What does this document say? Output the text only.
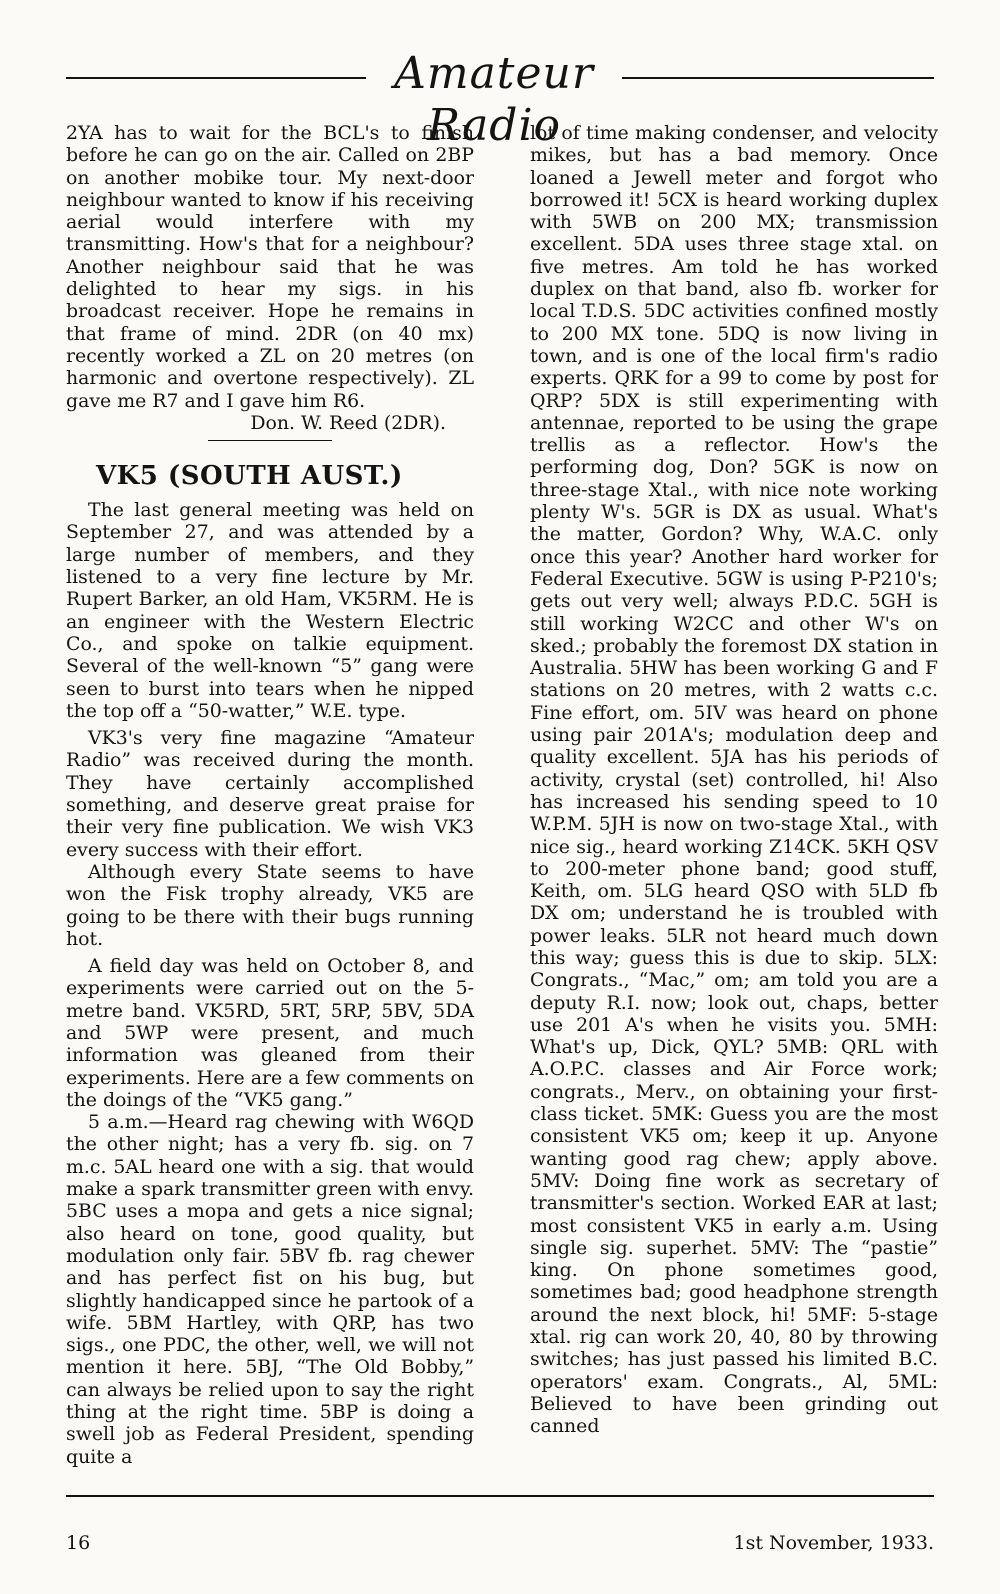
Amateur Radio

2YA has to wait for the BCL's to finish before he can go on the air. Called on 2BP on another mobike tour. My next-door neighbour wanted to know if his receiving aerial would interfere with my transmitting. How's that for a neighbour? Another neighbour said that he was delighted to hear my sigs. in his broadcast receiver. Hope he remains in that frame of mind. 2DR (on 40 mx) recently worked a ZL on 20 metres (on harmonic and overtone respectively). ZL gave me R7 and I gave him R6.

Don. W. Reed (2DR).
VK5 (SOUTH AUST.)

The last general meeting was held on September 27, and was attended by a large number of members, and they listened to a very fine lecture by Mr. Rupert Barker, an old Ham, VK5RM. He is an engineer with the Western Electric Co., and spoke on talkie equipment. Several of the well-known “5” gang were seen to burst into tears when he nipped the top off a “50-watter,” W.E. type.

VK3's very fine magazine “Amateur Radio” was received during the month. They have certainly accomplished something, and deserve great praise for their very fine publication. We wish VK3 every success with their effort.

Although every State seems to have won the Fisk trophy already, VK5 are going to be there with their bugs running hot.

A field day was held on October 8, and experiments were carried out on the 5-metre band. VK5RD, 5RT, 5RP, 5BV, 5DA and 5WP were present, and much information was gleaned from their experiments. Here are a few comments on the doings of the “VK5 gang.”

5 a.m.—Heard rag chewing with W6QD the other night; has a very fb. sig. on 7 m.c. 5AL heard one with a sig. that would make a spark transmitter green with envy. 5BC uses a mopa and gets a nice signal; also heard on tone, good quality, but modulation only fair. 5BV fb. rag chewer and has perfect fist on his bug, but slightly handicapped since he partook of a wife. 5BM Hartley, with QRP, has two sigs., one PDC, the other, well, we will not mention it here. 5BJ, “The Old Bobby,” can always be relied upon to say the right thing at the right time. 5BP is doing a swell job as Federal President, spending quite a

lot of time making condenser, and velocity mikes, but has a bad memory. Once loaned a Jewell meter and forgot who borrowed it! 5CX is heard working duplex with 5WB on 200 MX; transmission excellent. 5DA uses three stage xtal. on five metres. Am told he has worked duplex on that band, also fb. worker for local T.D.S. 5DC activities confined mostly to 200 MX tone. 5DQ is now living in town, and is one of the local firm's radio experts. QRK for a 99 to come by post for QRP? 5DX is still experimenting with antennae, reported to be using the grape trellis as a reflector. How's the performing dog, Don? 5GK is now on three-stage Xtal., with nice note working plenty W's. 5GR is DX as usual. What's the matter, Gordon? Why, W.A.C. only once this year? Another hard worker for Federal Executive. 5GW is using P-P210's; gets out very well; always P.D.C. 5GH is still working W2CC and other W's on sked.; probably the foremost DX station in Australia. 5HW has been working G and F stations on 20 metres, with 2 watts c.c. Fine effort, om. 5IV was heard on phone using pair 201A's; modulation deep and quality excellent. 5JA has his periods of activity, crystal (set) controlled, hi! Also has increased his sending speed to 10 W.P.M. 5JH is now on two-stage Xtal., with nice sig., heard working Z14CK. 5KH QSV to 200-meter phone band; good stuff, Keith, om. 5LG heard QSO with 5LD fb DX om; understand he is troubled with power leaks. 5LR not heard much down this way; guess this is due to skip. 5LX: Congrats., “Mac,” om; am told you are a deputy R.I. now; look out, chaps, better use 201 A's when he visits you. 5MH: What's up, Dick, QYL? 5MB: QRL with A.O.P.C. classes and Air Force work; congrats., Merv., on obtaining your first-class ticket. 5MK: Guess you are the most consistent VK5 om; keep it up. Anyone wanting good rag chew; apply above. 5MV: Doing fine work as secretary of transmitter's section. Worked EAR at last; most consistent VK5 in early a.m. Using single sig. superhet. 5MV: The “pastie” king. On phone sometimes good, sometimes bad; good headphone strength around the next block, hi! 5MF: 5-stage xtal. rig can work 20, 40, 80 by throwing switches; has just passed his limited B.C. operators' exam. Congrats., Al, 5ML: Believed to have been grinding out canned

16	1st November, 1933.
